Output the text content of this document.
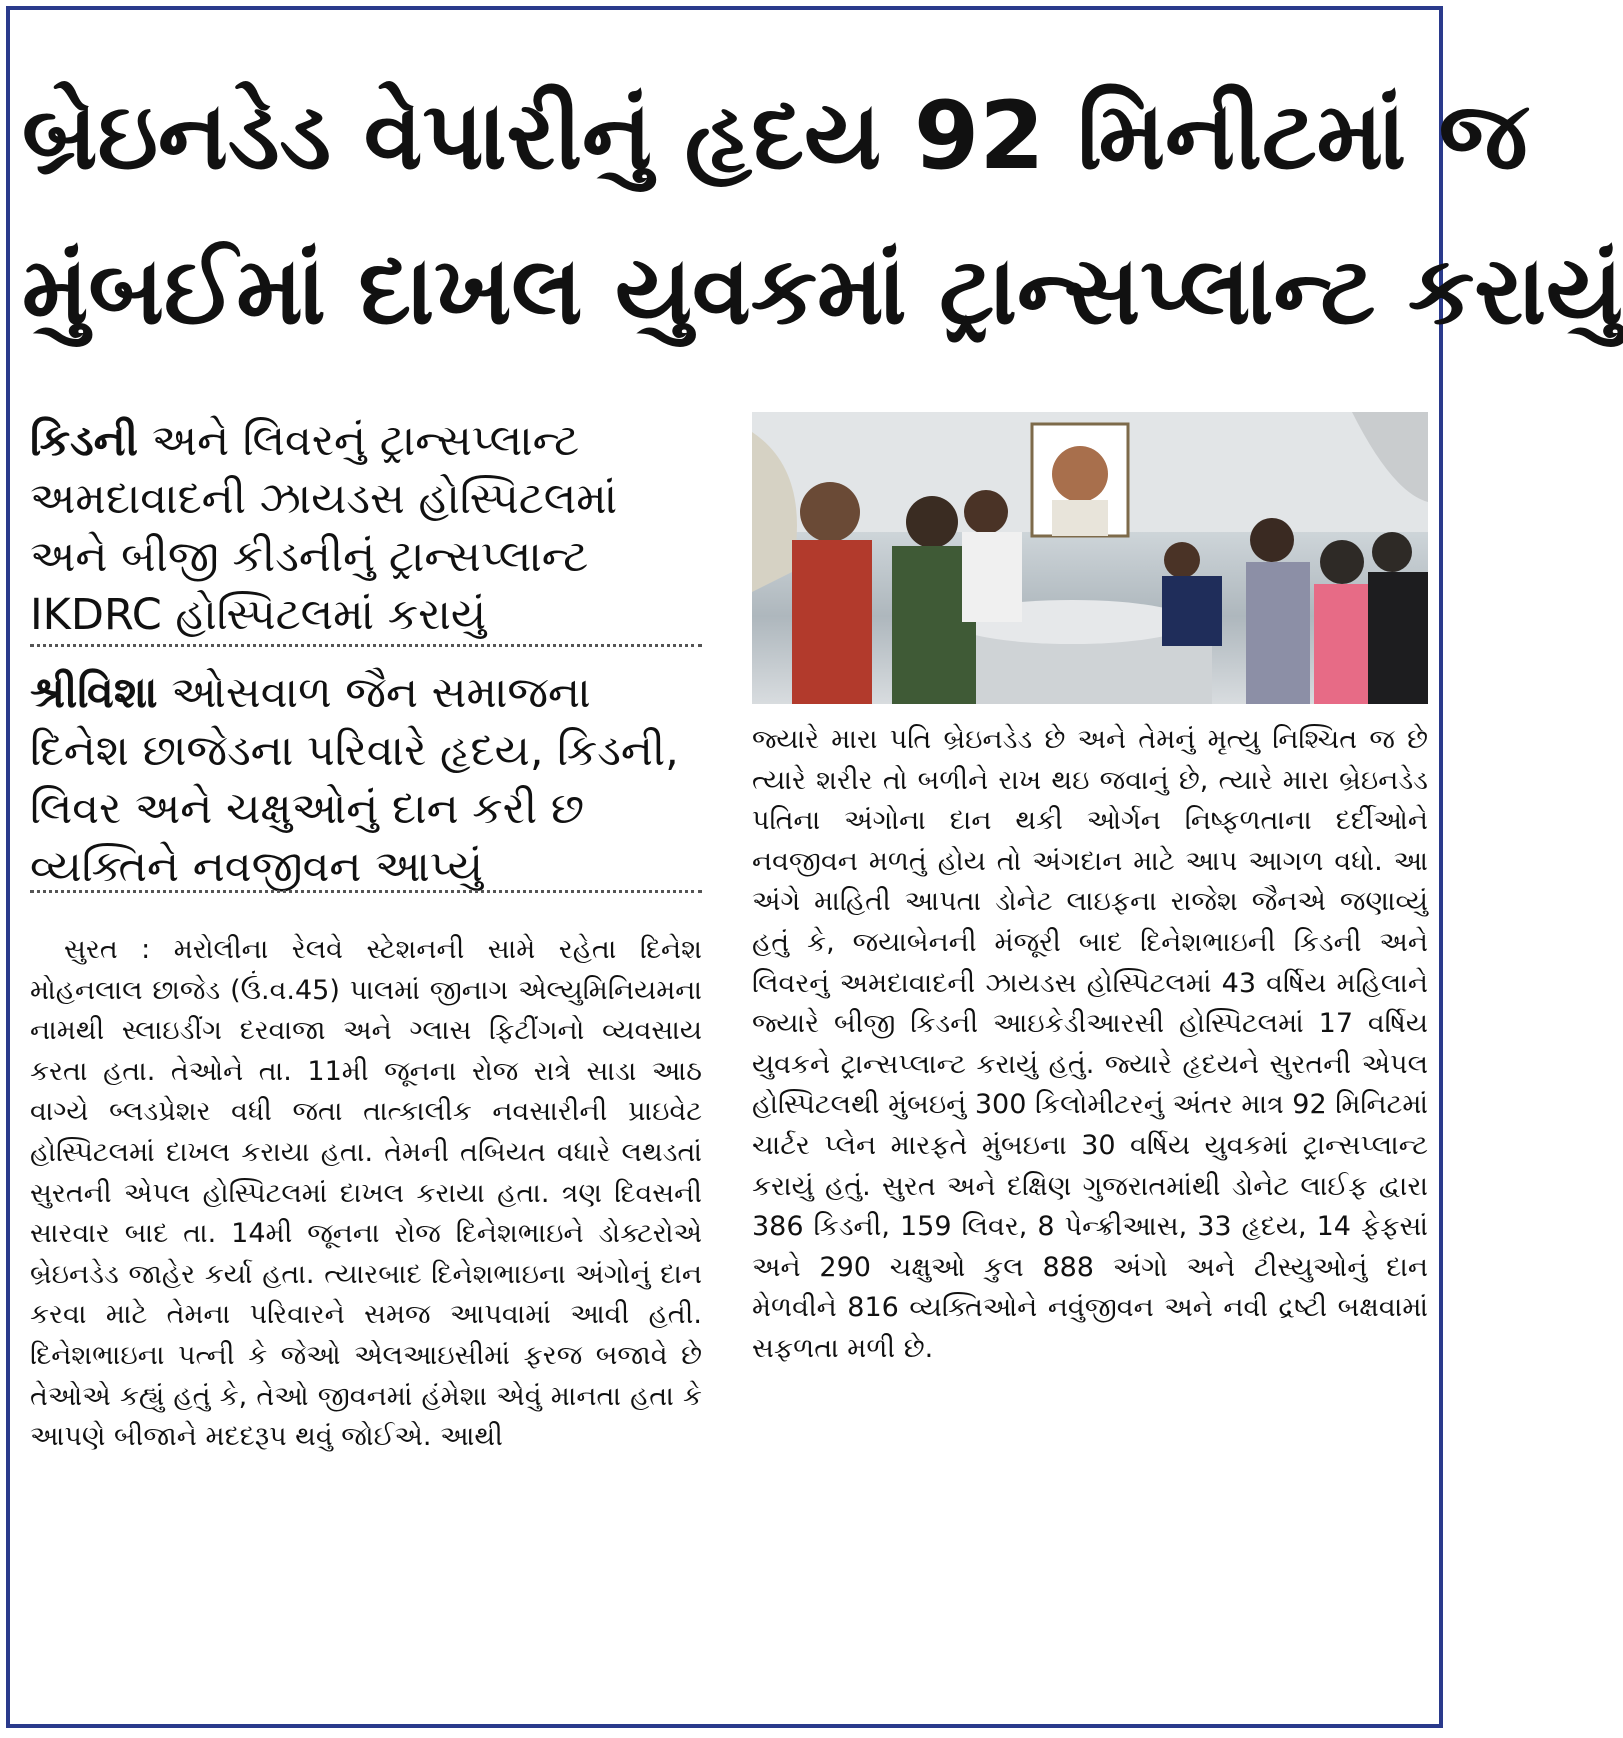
બ્રેઇનડેડ વેપારીનું હૃદય 92 મિનીટમાં જ
મુંબઈમાં દાખલ યુવકમાં ટ્રાન્સપ્લાન્ટ કરાયું
કિડની અને લિવરનું ટ્રાન્સપ્લાન્ટ અમદાવાદની ઝાયડસ હોસ્પિટલમાં અને બીજી કીડનીનું ટ્રાન્સપ્લાન્ટ IKDRC હોસ્પિટલમાં કરાયું
શ્રીવિશા ઓસવાળ જૈન સમાજના દિનેશ છાજેડના પરિવારે હૃદય, કિડની, લિવર અને ચક્ષુઓનું દાન કરી છ વ્યક્તિને નવજીવન આપ્યું

સુરત : મરોલીના રેલવે સ્ટેશનની સામે રહેતા દિનેશ મોહનલાલ છાજેડ (ઉં.વ.45) પાલમાં જીનાગ એલ્યુમિનિયમના નામથી સ્લાઇડીંગ દરવાજા અને ગ્લાસ ફિટીંગનો વ્યવસાય કરતા હતા. તેઓને તા. 11મી જૂનના રોજ રાત્રે સાડા આઠ વાગ્યે બ્લડપ્રેશર વધી જતા તાત્કાલીક નવસારીની પ્રાઇવેટ હોસ્પિટલમાં દાખલ કરાયા હતા. તેમની તબિયત વધારે લથડતાં સુરતની એપલ હોસ્પિટલમાં દાખલ કરાયા હતા. ત્રણ દિવસની સારવાર બાદ તા. 14મી જૂનના રોજ દિનેશભાઇને ડોક્ટરોએ બ્રેઇનડેડ જાહેર કર્યા હતા. ત્યારબાદ દિનેશભાઇના અંગોનું દાન કરવા માટે તેમના પરિવારને સમજ આપવામાં આવી હતી. દિનેશભાઇના પત્ની કે જેઓ એલઆઇસીમાં ફરજ બજાવે છે તેઓએ કહ્યું હતું કે, તેઓ જીવનમાં હંમેશા એવું માનતા હતા કે આપણે બીજાને મદદરૂપ થવું જોઈએ. આથી

જ્યારે મારા પતિ બ્રેઇનડેડ છે અને તેમનું મૃત્યુ નિશ્ચિત જ છે ત્યારે શરીર તો બળીને રાખ થઇ જવાનું છે, ત્યારે મારા બ્રેઇનડેડ પતિના અંગોના દાન થકી ઓર્ગન નિષ્ફળતાના દર્દીઓને નવજીવન મળતું હોય તો અંગદાન માટે આપ આગળ વધો. આ અંગે માહિતી આપતા ડોનેટ લાઇફના રાજેશ જૈનએ જણાવ્યું હતું કે, જયાબેનની મંજૂરી બાદ દિનેશભાઇની કિડની અને લિવરનું અમદાવાદની ઝાયડસ હોસ્પિટલમાં 43 વર્ષિય મહિલાને જ્યારે બીજી કિડની આઇકેડીઆરસી હોસ્પિટલમાં 17 વર્ષિય યુવકને ટ્રાન્સપ્લાન્ટ કરાયું હતું. જ્યારે હૃદયને સુરતની એપલ હોસ્પિટલથી મુંબઇનું 300 કિલોમીટરનું અંતર માત્ર 92 મિનિટમાં ચાર્ટર પ્લેન મારફતે મુંબઇના 30 વર્ષિય યુવકમાં ટ્રાન્સપ્લાન્ટ કરાયું હતું. સુરત અને દક્ષિણ ગુજરાતમાંથી ડોનેટ લાઈફ દ્વારા 386 કિડની, 159 લિવર, 8 પેન્ક્રીઆસ, 33 હૃદય, 14 ફેફસાં અને 290 ચક્ષુઓ કુલ 888 અંગો અને ટીસ્યુઓનું દાન મેળવીને 816 વ્યક્તિઓને નવુંજીવન અને નવી દ્રષ્ટી બક્ષવામાં સફળતા મળી છે.
